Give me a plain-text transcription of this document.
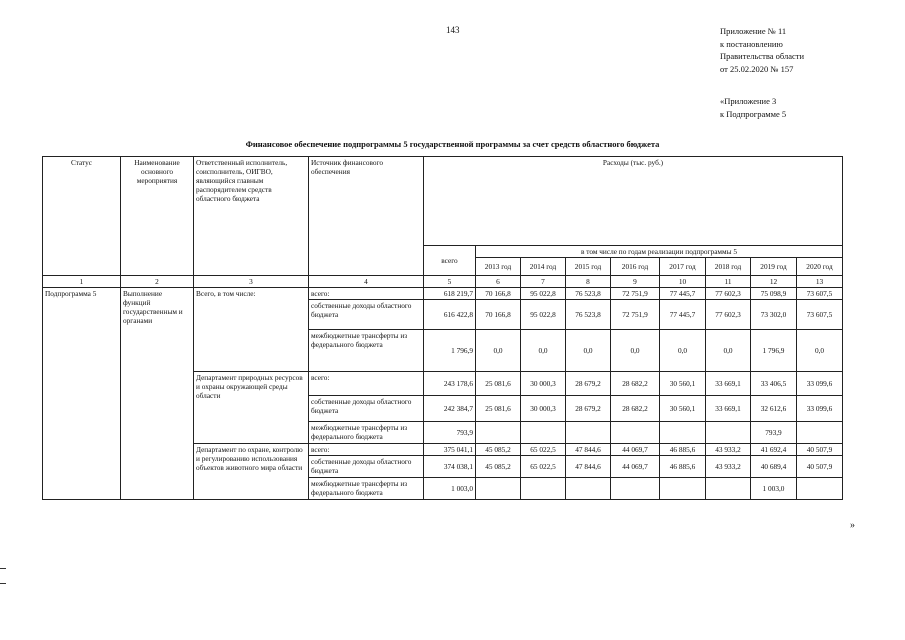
143	Приложение № 11
к постановлению
Правительства области
от 25.02.2020 № 157
«Приложение 3
к Подпрограмме 5
Финансовое обеспечение подпрограммы 5 государственной программы за счет средств областного бюджета
Статус	Наименование основного мероприятия	Ответственный исполнитель, соисполнитель, ОИГВО, являющийся главным распорядителем средств областного бюджета	Источник финансового обеспечения	Расходы (тыс. руб.)								
				всего	в том числе по годам реализации подпрограммы 5							
					2013 год	2014 год	2015 год	2016 год	2017 год	2018 год	2019 год	2020 год
1	2	3	4	5	6	7	8	9	10	11	12	13
Подпрограмма 5	Выполнение функций государственным и органами	Всего, в том числе:	всего:	618 219,7	70 166,8	95 022,8	76 523,8	72 751,9	77 445,7	77 602,3	75 098,9	73 607,5
			собственные доходы областного бюджета	616 422,8	70 166,8	95 022,8	76 523,8	72 751,9	77 445,7	77 602,3	73 302,0	73 607,5
			межбюджетные трансферты из федерального бюджета	1 796,9	0,0	0,0	0,0	0,0	0,0	0,0	1 796,9	0,0
		Департамент природных ресурсов и охраны окружающей среды области	всего:	243 178,6	25 081,6	30 000,3	28 679,2	28 682,2	30 560,1	33 669,1	33 406,5	33 099,6
			собственные доходы областного бюджета	242 384,7	25 081,6	30 000,3	28 679,2	28 682,2	30 560,1	33 669,1	32 612,6	33 099,6
			межбюджетные трансферты из федерального бюджета	793,9							793,9	
		Департамент по охране, контролю и регулированию использования объектов животного мира области	всего:	375 041,1	45 085,2	65 022,5	47 844,6	44 069,7	46 885,6	43 933,2	41 692,4	40 507,9
			собственные доходы областного бюджета	374 038,1	45 085,2	65 022,5	47 844,6	44 069,7	46 885,6	43 933,2	40 689,4	40 507,9
			межбюджетные трансферты из федерального бюджета	1 003,0							1 003,0	
»
